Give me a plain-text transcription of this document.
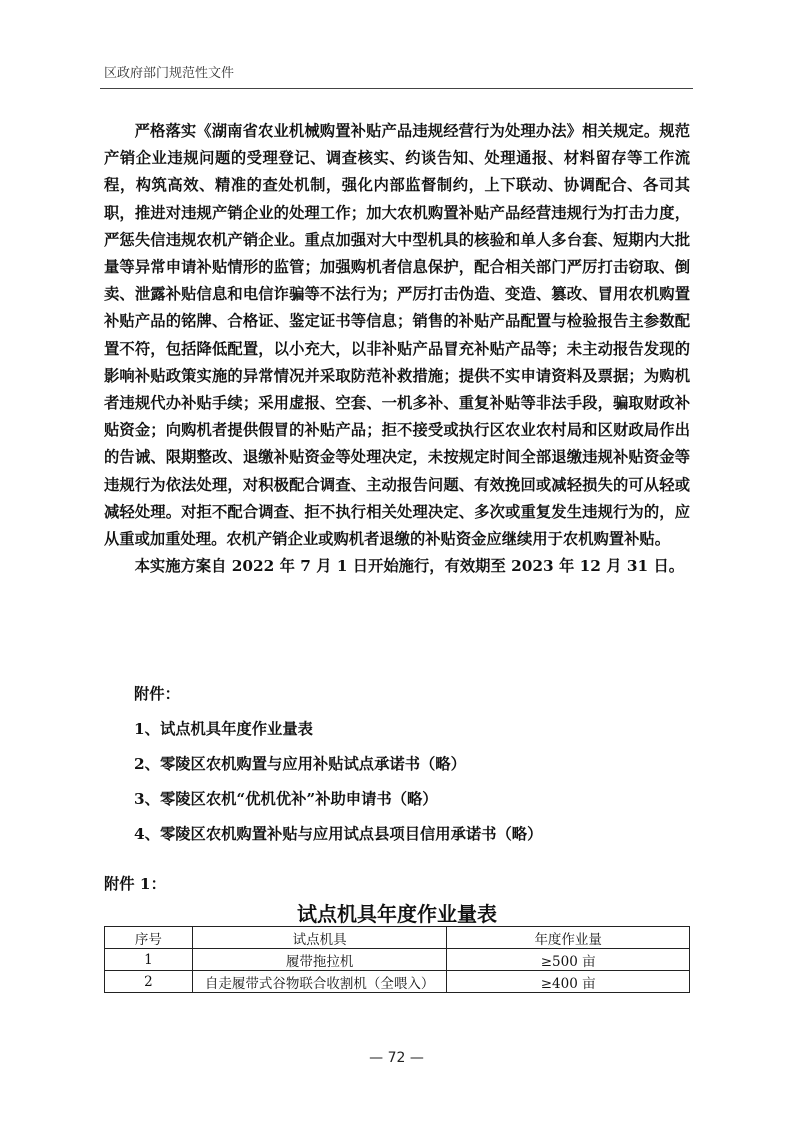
区政府部门规范性文件

严格落实《湖南省农业机械购置补贴产品违规经营行为处理办法》相关规定。规范产销企业违规问题的受理登记、调查核实、约谈告知、处理通报、材料留存等工作流程，构筑高效、精准的查处机制，强化内部监督制约，上下联动、协调配合、各司其职，推进对违规产销企业的处理工作；加大农机购置补贴产品经营违规行为打击力度，严惩失信违规农机产销企业。重点加强对大中型机具的核验和单人多台套、短期内大批量等异常申请补贴情形的监管；加强购机者信息保护，配合相关部门严厉打击窃取、倒卖、泄露补贴信息和电信诈骗等不法行为；严厉打击伪造、变造、篡改、冒用农机购置补贴产品的铭牌、合格证、鉴定证书等信息；销售的补贴产品配置与检验报告主参数配置不符，包括降低配置，以小充大，以非补贴产品冒充补贴产品等；未主动报告发现的影响补贴政策实施的异常情况并采取防范补救措施；提供不实申请资料及票据；为购机者违规代办补贴手续；采用虚报、空套、一机多补、重复补贴等非法手段，骗取财政补贴资金；向购机者提供假冒的补贴产品；拒不接受或执行区农业农村局和区财政局作出的告诫、限期整改、退缴补贴资金等处理决定，未按规定时间全部退缴违规补贴资金等违规行为依法处理，对积极配合调查、主动报告问题、有效挽回或减轻损失的可从轻或减轻处理。对拒不配合调查、拒不执行相关处理决定、多次或重复发生违规行为的，应从重或加重处理。农机产销企业或购机者退缴的补贴资金应继续用于农机购置补贴。

本实施方案自 2022 年 7 月 1 日开始施行，有效期至 2023 年 12 月 31 日。

附件：
1、试点机具年度作业量表
2、零陵区农机购置与应用补贴试点承诺书（略）
3、零陵区农机“优机优补”补助申请书（略）
4、零陵区农机购置补贴与应用试点县项目信用承诺书（略）
附件 1：
试点机具年度作业量表
序号	试点机具	年度作业量
1	履带拖拉机	≥500 亩
2	自走履带式谷物联合收割机（全喂入）	≥400 亩
— 72 —
